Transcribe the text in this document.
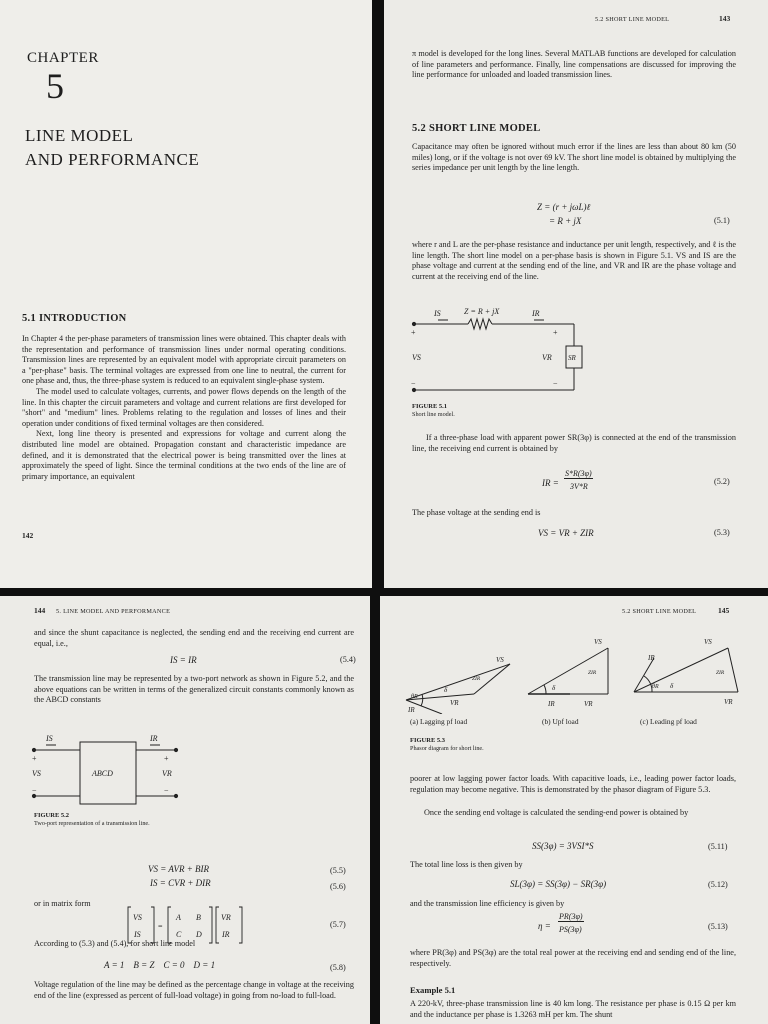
CHAPTER
5
LINE MODEL
AND PERFORMANCE
5.1 INTRODUCTION

In Chapter 4 the per-phase parameters of transmission lines were obtained. This chapter deals with the representation and performance of transmission lines under normal operating conditions. Transmission lines are represented by an equivalent model with appropriate circuit parameters on a "per-phase" basis. The terminal voltages are expressed from one line to neutral, the current for one phase and, thus, the three-phase system is reduced to an equivalent single-phase system.

The model used to calculate voltages, currents, and power flows depends on the length of the line. In this chapter the circuit parameters and voltage and current relations are first developed for "short" and "medium" lines. Problems relating to the regulation and losses of lines and their operation under conditions of fixed terminal voltages are then considered.

Next, long line theory is presented and expressions for voltage and current along the distributed line model are obtained. Propagation constant and characteristic impedance are defined, and it is demonstrated that the electrical power is being transmitted over the lines at approximately the speed of light. Since the terminal conditions at the two ends of the line are of primary importance, an equivalent

142
5.2 SHORT LINE MODEL	143

π model is developed for the long lines. Several MATLAB functions are developed for calculation of line parameters and performance. Finally, line compensations are discussed for improving the line performance for unloaded and loaded transmission lines.

5.2 SHORT LINE MODEL

Capacitance may often be ignored without much error if the lines are less than about 80 km (50 miles) long, or if the voltage is not over 69 kV. The short line model is obtained by multiplying the series impedance per unit length by the line length.

Z = (r + jωL)ℓ
= R + jX	(5.1)

where r and L are the per-phase resistance and inductance per unit length, respectively, and ℓ is the line length. The short line model on a per-phase basis is shown in Figure 5.1. VS and IS are the phase voltage and current at the sending end of the line, and VR and IR are the phase voltage and current at the receiving end of the line.

IS	Z = R + jX	IR
VS	VR SR
+	+
−	−
FIGURE 5.1
Short line model.

If a three-phase load with apparent power SR(3φ) is connected at the end of the transmission line, the receiving end current is obtained by

IR =
S*R(3φ)
3V*R
(5.2)

The phase voltage at the sending end is

VS = VR + ZIR	(5.3)
144 5. LINE MODEL AND PERFORMANCE

and since the shunt capacitance is neglected, the sending end and the receiving end current are equal, i.e.,

IS = IR	(5.4)

The transmission line may be represented by a two-port network as shown in Figure 5.2, and the above equations can be written in terms of the generalized circuit constants commonly known as the ABCD constants

IS	IR
ABCD
VS	VR
+	+
−	−
FIGURE 5.2
Two-port representation of a transmission line.
VS = AVR + BIR	(5.5)
IS = CVR + DIR	(5.6)
or in matrix form
VS
IS
=
A B
C D
VR
IR
(5.7)

According to (5.3) and (5.4), for short line model

A = 1    B = Z    C = 0    D = 1	(5.8)

Voltage regulation of the line may be defined as the percentage change in voltage at the receiving end of the line (expressed as percent of full-load voltage) in going from no-load to full-load.

5.2 SHORT LINE MODEL	145
VS
ZIR
δ
θR
IR
VR
VS
ZIR
δ
IR	VR
VS
IR
ZIR
θR δ
VR
(a) Lagging pf load	(b) Upf load	(c) Leading pf load
FIGURE 5.3
Phasor diagram for short line.

poorer at low lagging power factor loads. With capacitive loads, i.e., leading power factor loads, regulation may become negative. This is demonstrated by the phasor diagram of Figure 5.3.

Once the sending end voltage is calculated the sending-end power is obtained by

SS(3φ) = 3VSI*S	(5.11)

The total line loss is then given by

SL(3φ) = SS(3φ) − SR(3φ)	(5.12)

and the transmission line efficiency is given by

η =
PR(3φ)
PS(3φ)	(5.13)

where PR(3φ) and PS(3φ) are the total real power at the receiving end and sending end of the line, respectively.

Example 5.1

A 220-kV, three-phase transmission line is 40 km long. The resistance per phase is 0.15 Ω per km and the inductance per phase is 1.3263 mH per km. The shunt
